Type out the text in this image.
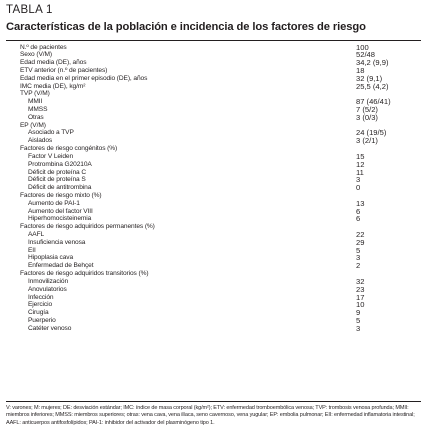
TABLA 1
Características de la población e incidencia de los factores de riesgo
N.º de pacientes	100
Sexo (V/M)	52/48
Edad media (DE), años	34,2 (9,9)
ETV anterior (n.º de pacientes)	18
Edad media en el primer episodio (DE), años	32 (9,1)
IMC media (DE), kg/m²	25,5 (4,2)
TVP (V/M)
MMII	87 (46/41)
MMSS	7 (5/2)
Otras	3 (0/3)
EP (V/M)
Asociado a TVP	24 (19/5)
Aislados	3 (2/1)
Factores de riesgo congénitos (%)
Factor V Leiden	15
Protrombina G20210A	12
Déficit de proteína C	11
Déficit de proteína S	3
Déficit de antitrombina	0
Factores de riesgo mixto (%)
Aumento de PAI-1	13
Aumento del factor VIII	6
Hiperhomocisteinemia	6
Factores de riesgo adquiridos permanentes (%)
AAFL	22
Insuficiencia venosa	29
EII	5
Hipoplasia cava	3
Enfermedad de Behçet	2
Factores de riesgo adquiridos transitorios (%)
Inmovilización	32
Anovulatorios	23
Infección	17
Ejercicio	10
Cirugía	9
Puerperio	5
Catéter venoso	3
V: varones; M: mujeres; DE: desviación estándar; IMC: índice de masa corporal (kg/m²); ETV: enfermedad tromboembólica venosa; TVP: trombosis venosa profunda; MMII: miembros inferiores; MMSS: miembros superiores; otras: vena cava, vena ilíaca, seno cavernoso, vena yugular; EP: embolia pulmonar; EII: enfermedad inflamatoria intestinal; AAFL: anticuerpos antifosfolípidos; PAI-1: inhibidor del activador del plasminógeno tipo 1.
